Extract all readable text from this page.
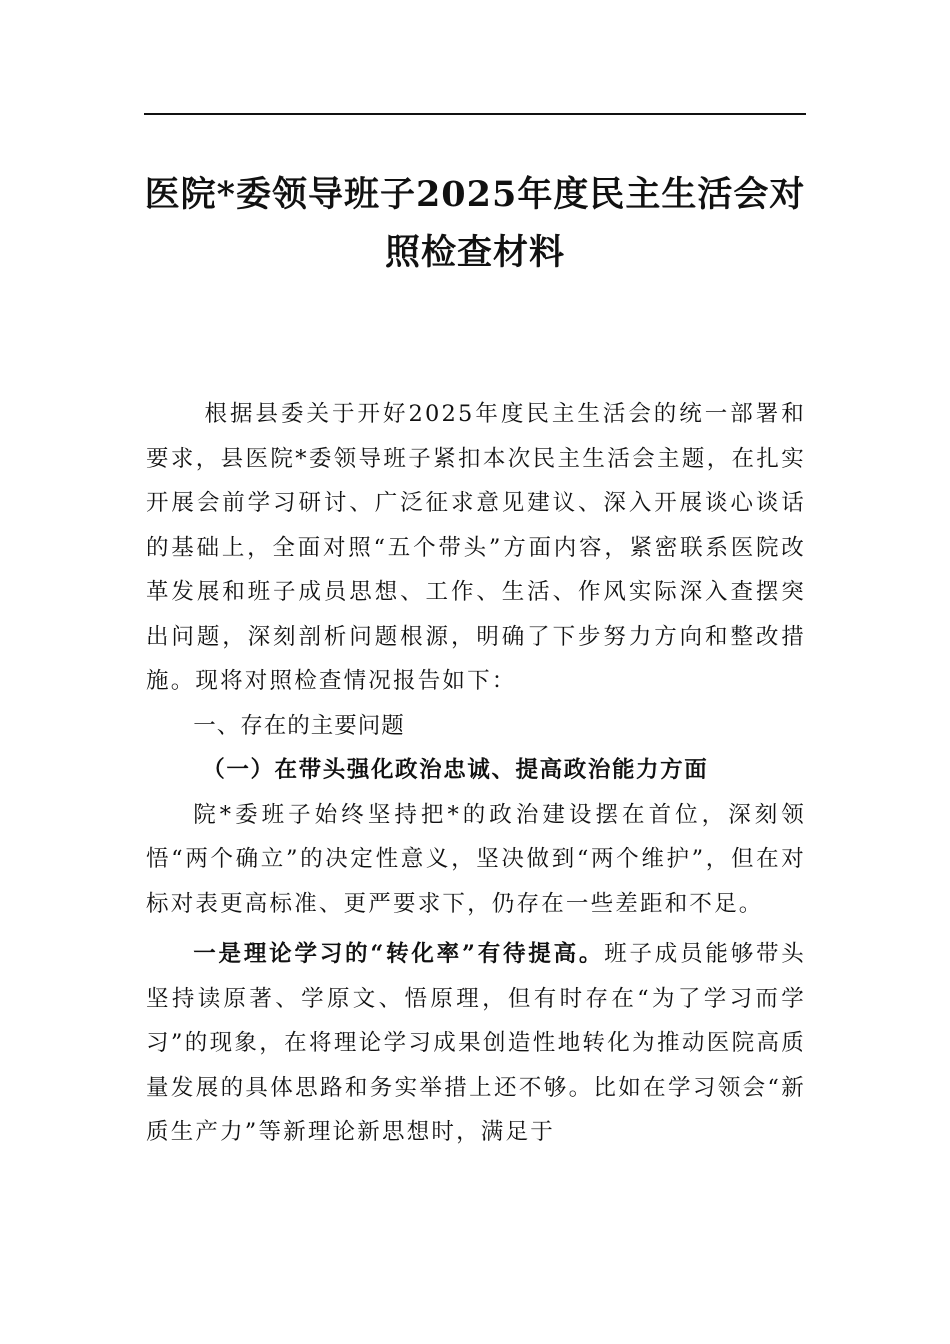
医院*委领导班子2025年度民主生活会对
照检查材料

根据县委关于开好2025年度民主生活会的统一部署和要求，县医院*委领导班子紧扣本次民主生活会主题，在扎实开展会前学习研讨、广泛征求意见建议、深入开展谈心谈话的基础上，全面对照“五个带头”方面内容，紧密联系医院改革发展和班子成员思想、工作、生活、作风实际深入查摆突出问题，深刻剖析问题根源，明确了下步努力方向和整改措施。现将对照检查情况报告如下：

一、存在的主要问题

（一）在带头强化政治忠诚、提高政治能力方面

院*委班子始终坚持把*的政治建设摆在首位，深刻领悟“两个确立”的决定性意义，坚决做到“两个维护”，但在对标对表更高标准、更严要求下，仍存在一些差距和不足。

一是理论学习的“转化率”有待提高。班子成员能够带头坚持读原著、学原文、悟原理，但有时存在“为了学习而学习”的现象，在将理论学习成果创造性地转化为推动医院高质量发展的具体思路和务实举措上还不够。比如在学习领会“新质生产力”等新理论新思想时，满足于
